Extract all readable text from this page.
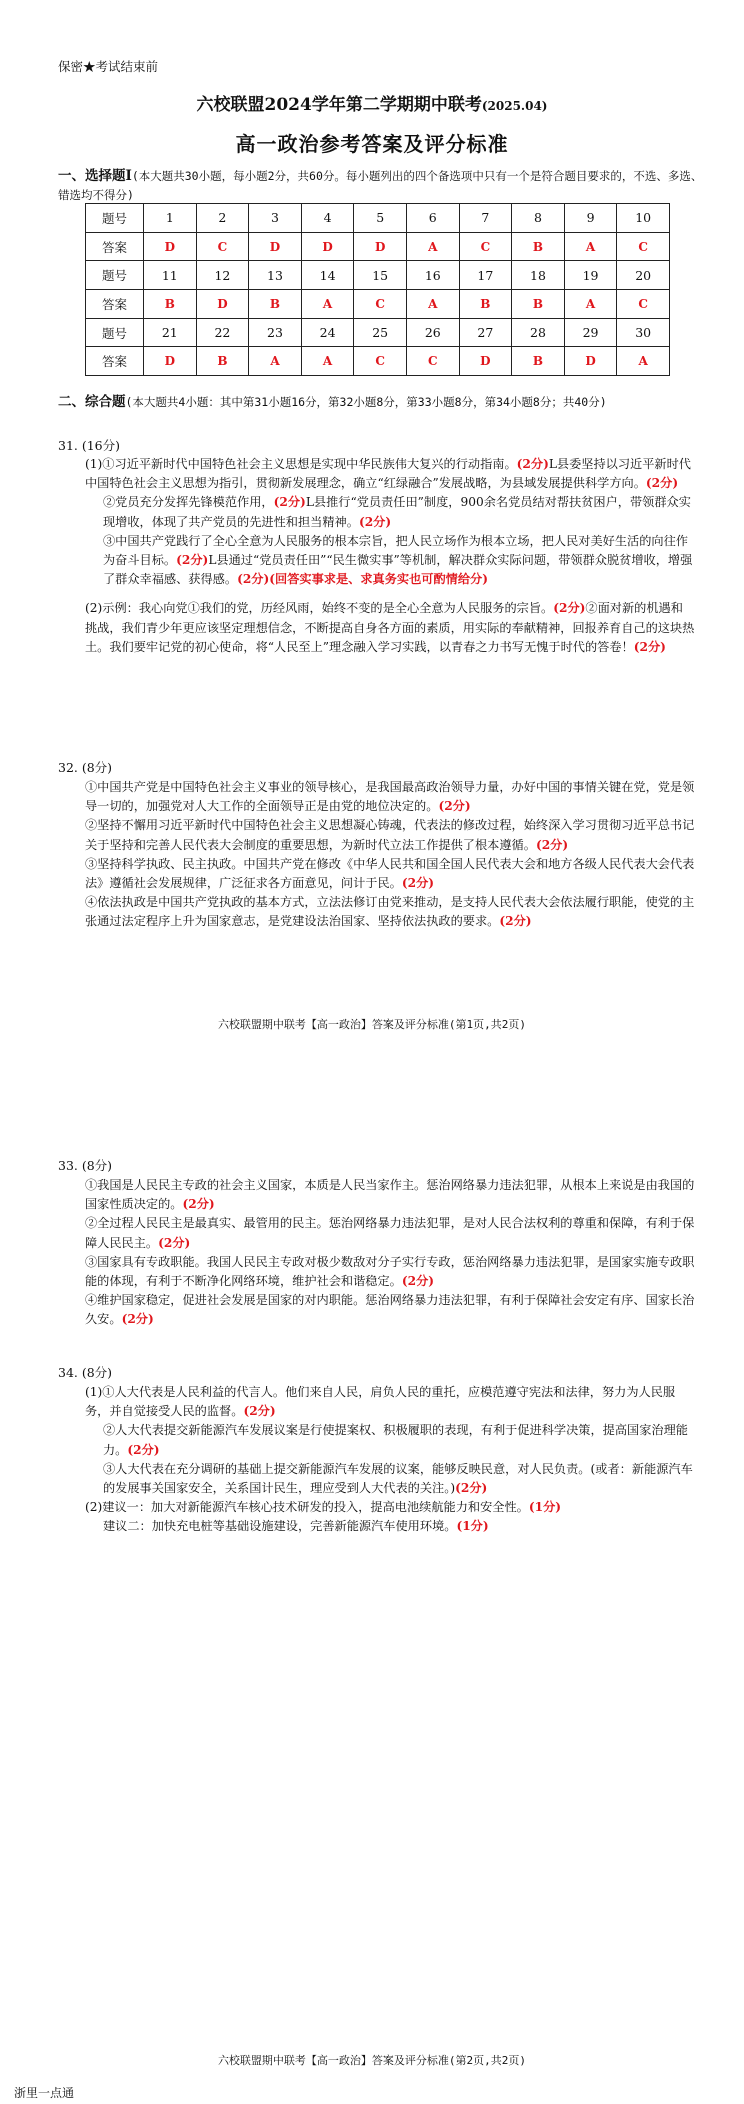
保密★考试结束前
六校联盟2024学年第二学期期中联考(2025.04)
高一政治参考答案及评分标准
一、选择题Ⅰ(本大题共30小题，每小题2分，共60分。每小题列出的四个备选项中只有一个是符合题目要求的，不选、多选、错选均不得分)
题号	1	2	3	4	5	6	7	8	9	10
答案	D	C	D	D	D	A	C	B	A	C
题号	11	12	13	14	15	16	17	18	19	20
答案	B	D	B	A	C	A	B	B	A	C
题号	21	22	23	24	25	26	27	28	29	30
答案	D	B	A	A	C	C	D	B	D	A
二、综合题(本大题共4小题：其中第31小题16分，第32小题8分，第33小题8分，第34小题8分；共40分)
31. (16分)

(1)①习近平新时代中国特色社会主义思想是实现中华民族伟大复兴的行动指南。(2分)L县委坚持以习近平新时代中国特色社会主义思想为指引，贯彻新发展理念，确立“红绿融合”发展战略，为县域发展提供科学方向。(2分)

②党员充分发挥先锋模范作用，(2分)L县推行“党员责任田”制度，900余名党员结对帮扶贫困户，带领群众实现增收，体现了共产党员的先进性和担当精神。(2分)

③中国共产党践行了全心全意为人民服务的根本宗旨，把人民立场作为根本立场，把人民对美好生活的向往作为奋斗目标。(2分)L县通过“党员责任田”“民生微实事”等机制，解决群众实际问题，带领群众脱贫增收，增强了群众幸福感、获得感。(2分)(回答实事求是、求真务实也可酌情给分)

(2)示例：我心向党①我们的党，历经风雨，始终不变的是全心全意为人民服务的宗旨。(2分)②面对新的机遇和挑战，我们青少年更应该坚定理想信念，不断提高自身各方面的素质，用实际的奉献精神，回报养育自己的这块热土。我们要牢记党的初心使命，将“人民至上”理念融入学习实践，以青春之力书写无愧于时代的答卷！(2分)

32. (8分)

①中国共产党是中国特色社会主义事业的领导核心，是我国最高政治领导力量，办好中国的事情关键在党，党是领导一切的，加强党对人大工作的全面领导正是由党的地位决定的。(2分)

②坚持不懈用习近平新时代中国特色社会主义思想凝心铸魂，代表法的修改过程，始终深入学习贯彻习近平总书记关于坚持和完善人民代表大会制度的重要思想，为新时代立法工作提供了根本遵循。(2分)

③坚持科学执政、民主执政。中国共产党在修改《中华人民共和国全国人民代表大会和地方各级人民代表大会代表法》遵循社会发展规律，广泛征求各方面意见，问计于民。(2分)

④依法执政是中国共产党执政的基本方式，立法法修订由党来推动，是支持人民代表大会依法履行职能，使党的主张通过法定程序上升为国家意志，是党建设法治国家、坚持依法执政的要求。(2分)

六校联盟期中联考【高一政治】答案及评分标准(第1页,共2页)
33. (8分)

①我国是人民民主专政的社会主义国家，本质是人民当家作主。惩治网络暴力违法犯罪，从根本上来说是由我国的国家性质决定的。(2分)

②全过程人民民主是最真实、最管用的民主。惩治网络暴力违法犯罪，是对人民合法权利的尊重和保障，有利于保障人民民主。(2分)

③国家具有专政职能。我国人民民主专政对极少数敌对分子实行专政，惩治网络暴力违法犯罪，是国家实施专政职能的体现，有利于不断净化网络环境，维护社会和谐稳定。(2分)

④维护国家稳定，促进社会发展是国家的对内职能。惩治网络暴力违法犯罪，有利于保障社会安定有序、国家长治久安。(2分)

34. (8分)

(1)①人大代表是人民利益的代言人。他们来自人民，肩负人民的重托，应模范遵守宪法和法律，努力为人民服务，并自觉接受人民的监督。(2分)

②人大代表提交新能源汽车发展议案是行使提案权、积极履职的表现，有利于促进科学决策，提高国家治理能力。(2分)

③人大代表在充分调研的基础上提交新能源汽车发展的议案，能够反映民意，对人民负责。(或者：新能源汽车的发展事关国家安全，关系国计民生，理应受到人大代表的关注。)(2分)

(2)建议一：加大对新能源汽车核心技术研发的投入，提高电池续航能力和安全性。(1分)

建议二：加快充电桩等基础设施建设，完善新能源汽车使用环境。(1分)

六校联盟期中联考【高一政治】答案及评分标准(第2页,共2页)
浙里一点通
